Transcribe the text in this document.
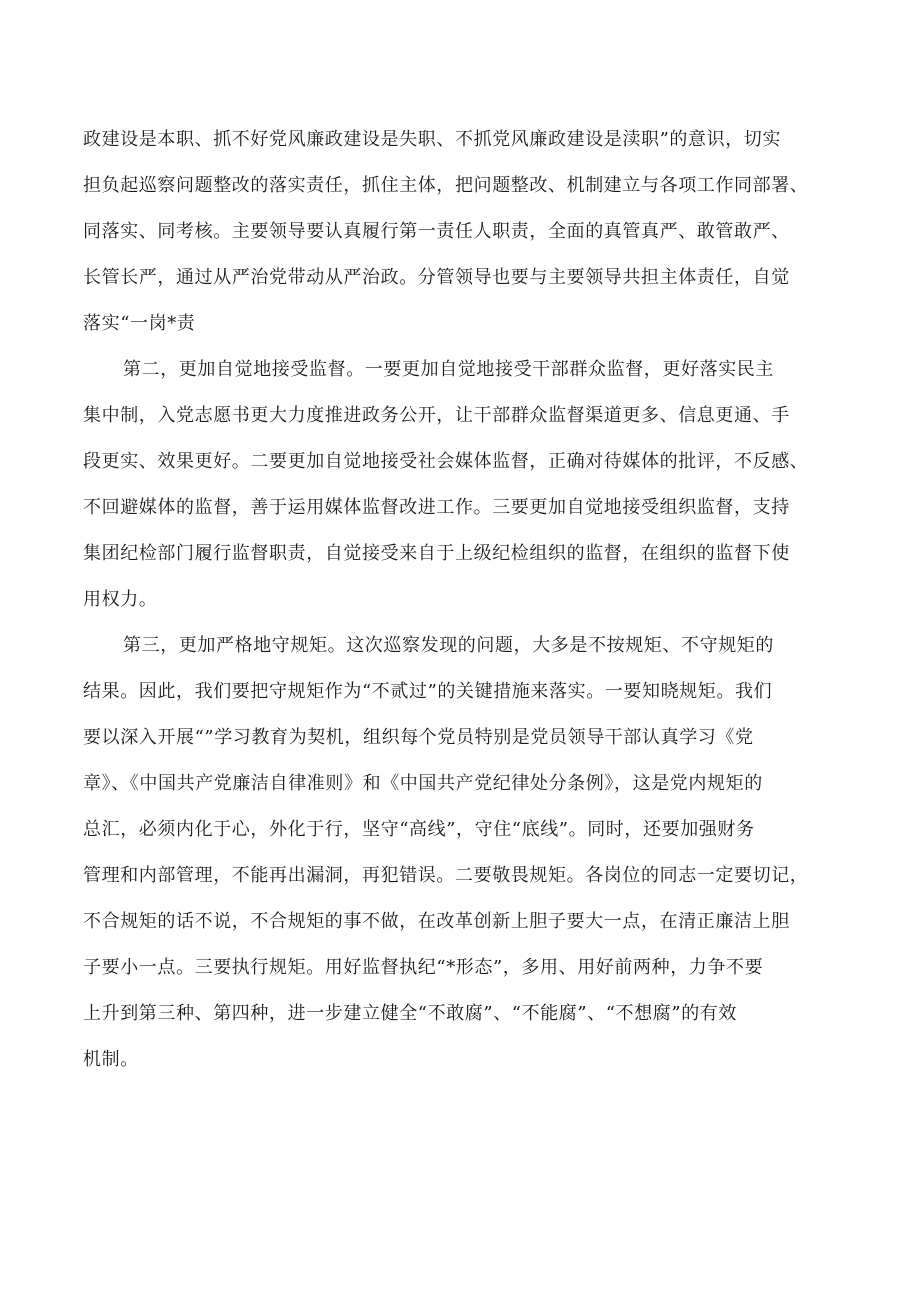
政建设是本职、抓不好党风廉政建设是失职、不抓党风廉政建设是渎职”的意识，切实
担负起巡察问题整改的落实责任，抓住主体，把问题整改、机制建立与各项工作同部署、
同落实、同考核。主要领导要认真履行第一责任人职责，全面的真管真严、敢管敢严、
长管长严，通过从严治党带动从严治政。分管领导也要与主要领导共担主体责任，自觉
落实“一岗*责
第二，更加自觉地接受监督。一要更加自觉地接受干部群众监督，更好落实民主
集中制，入党志愿书更大力度推进政务公开，让干部群众监督渠道更多、信息更通、手
段更实、效果更好。二要更加自觉地接受社会媒体监督，正确对待媒体的批评，不反感、
不回避媒体的监督，善于运用媒体监督改进工作。三要更加自觉地接受组织监督，支持
集团纪检部门履行监督职责，自觉接受来自于上级纪检组织的监督，在组织的监督下使
用权力。
第三，更加严格地守规矩。这次巡察发现的问题，大多是不按规矩、不守规矩的
结果。因此，我们要把守规矩作为“不贰过”的关键措施来落实。一要知晓规矩。我们
要以深入开展“”学习教育为契机，组织每个党员特别是党员领导干部认真学习《党
章》、《中国共产党廉洁自律准则》和《中国共产党纪律处分条例》，这是党内规矩的
总汇，必须内化于心，外化于行，坚守“高线”，守住“底线”。同时，还要加强财务
管理和内部管理，不能再出漏洞，再犯错误。二要敬畏规矩。各岗位的同志一定要切记，
不合规矩的话不说，不合规矩的事不做，在改革创新上胆子要大一点，在清正廉洁上胆
子要小一点。三要执行规矩。用好监督执纪“*形态”，多用、用好前两种，力争不要
上升到第三种、第四种，进一步建立健全“不敢腐”、“不能腐”、“不想腐”的有效
机制。
